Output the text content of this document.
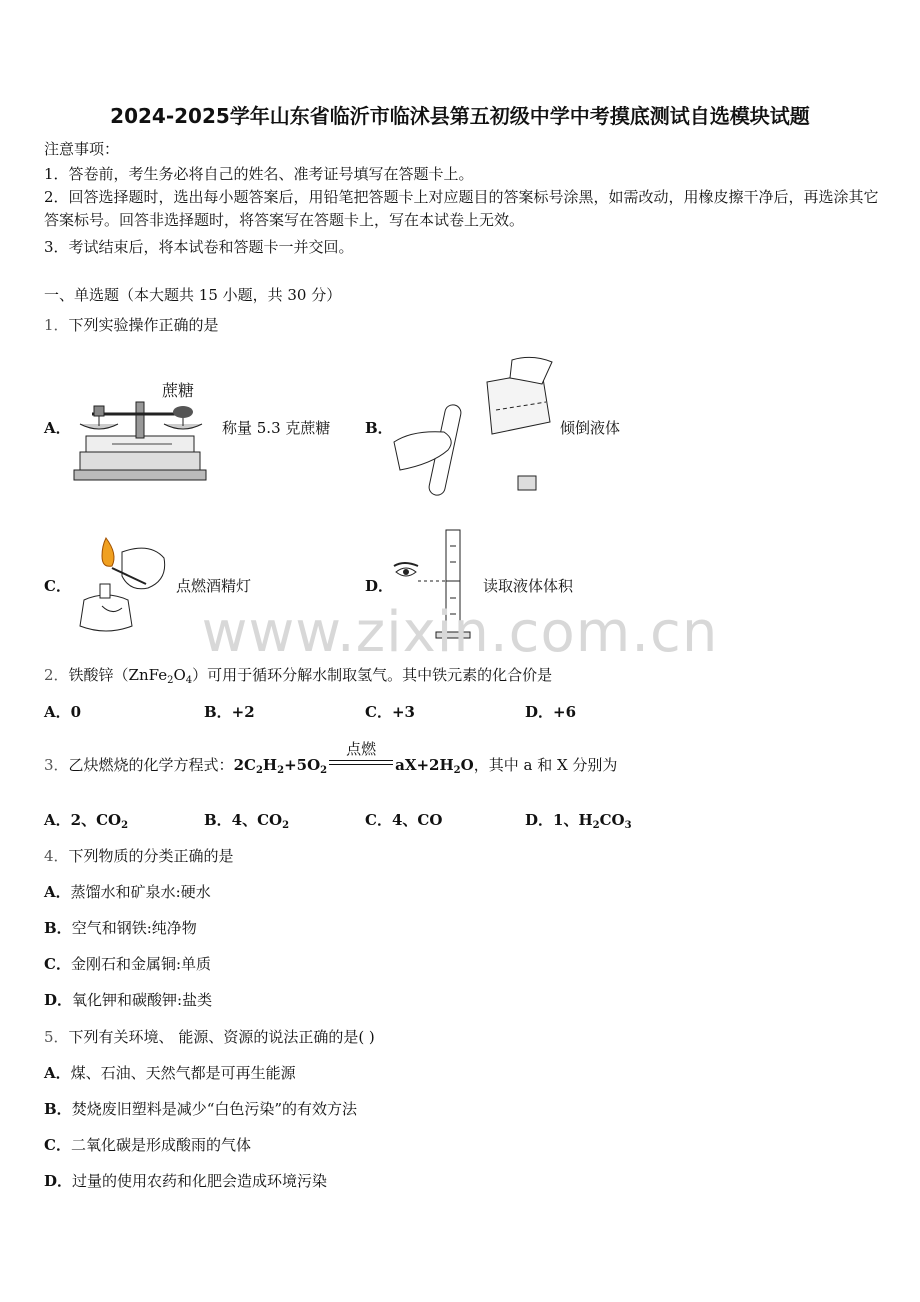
2024-2025学年山东省临沂市临沭县第五初级中学中考摸底测试自选模块试题
注意事项：
1．答卷前，考生务必将自己的姓名、准考证号填写在答题卡上。
2．回答选择题时，选出每小题答案后，用铅笔把答题卡上对应题目的答案标号涂黑，如需改动，用橡皮擦干净后，再选涂其它答案标号。回答非选择题时，将答案写在答题卡上，写在本试卷上无效。
3．考试结束后，将本试卷和答题卡一并交回。
一、单选题（本大题共 15 小题，共 30 分）
1．下列实验操作正确的是
A．
蔗糖
称量 5.3 克蔗糖 B．	倾倒液体
C．	点燃酒精灯	D．	读取液体体积
www.zixin.com.cn
2．铁酸锌$(ZnFe_2O_4)$可用于循环分解水制取氢气。其中铁元素的化合价是
A．0	B．+2	C．+3	D．+6
3．乙炔燃烧的化学方程式：$2C_2H_2+5O_2$
点燃
$aX+2H_2O$，其中 a 和 X 分别为
A．2、$CO_2$	B．4、$CO_2$	C．4、CO	D．1、$H_2CO_3$
4．下列物质的分类正确的是
A．蒸馏水和矿泉水:硬水
B．空气和钢铁:纯净物
C．金刚石和金属铜:单质
D．氧化钾和碳酸钾:盐类
5．下列有关环境、 能源、资源的说法正确的是( )
A．煤、石油、天然气都是可再生能源
B．焚烧废旧塑料是减少“白色污染”的有效方法
C．二氧化碳是形成酸雨的气体
D．过量的使用农药和化肥会造成环境污染
